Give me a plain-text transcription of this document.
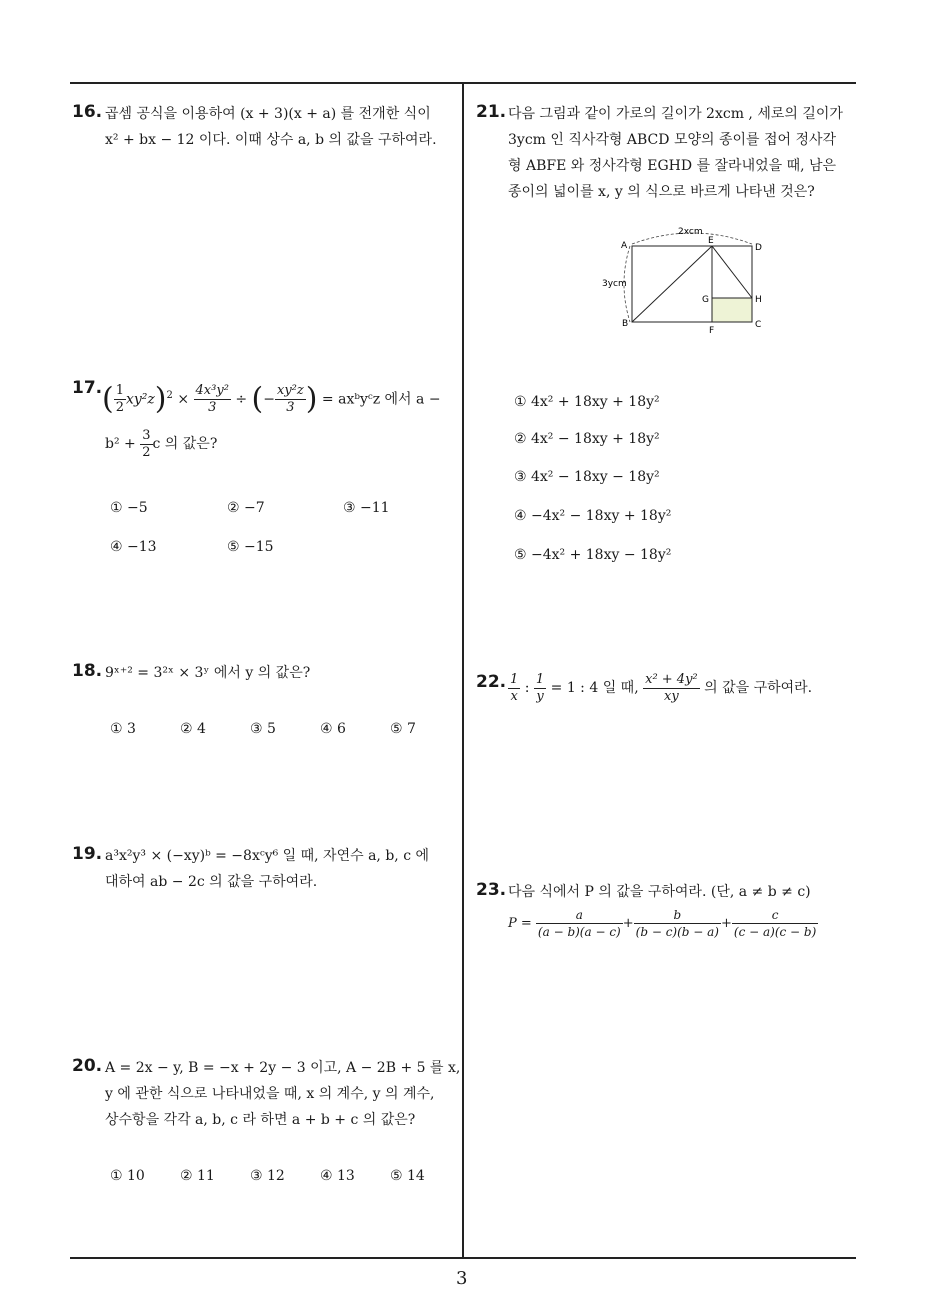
16. 곱셈 공식을 이용하여 (x + 3)(x + a) 를 전개한 식이
x² + bx − 12 이다. 이때 상수 a, b 의 값을 구하여라.
17. ( $\frac{1}{2} xy^2z)^2 \times \frac{\text{4x³y²}}{3}$ ÷ (− $\frac{\text{xy²z}}{3}$ ) = axᵇyᶜz 에서 a −
$b^2 + \frac{3}{2}$ c 의 값은?
① −5	② −7	③ −11
④ −13	⑤ −15
18. 9ˣ⁺² = 3²ˣ × 3ʸ 에서 y 의 값은?
① 3	② 4	③ 5	④ 6	⑤ 7
19. a³x²y³ × (−xy)ᵇ = −8xᶜy⁶ 일 때, 자연수 a, b, c 에
대하여 ab − 2c 의 값을 구하여라.
20. A = 2x − y, B = −x + 2y − 3 이고, A − 2B + 5 를 x,
y 에 관한 식으로 나타내었을 때, x 의 계수, y 의 계수,
상수항을 각각 a, b, c 라 하면 a + b + c 의 값은?
① 10	② 11	③ 12	④ 13	⑤ 14
21. 다음 그림과 같이 가로의 길이가 2xcm , 세로의 길이가
3ycm 인 직사각형 ABCD 모양의 종이를 접어 정사각
형 ABFE 와 정사각형 EGHD 를 잘라내었을 때, 남은
종이의 넓이를 x, y 의 식으로 바르게 나타낸 것은?
2xcm
3ycm
A	E
D
G	H
B
F
C
① 4x² + 18xy + 18y²
② 4x² − 18xy + 18y²
③ 4x² − 18xy − 18y²
④ −4x² − 18xy + 18y²
⑤ −4x² + 18xy − 18y²
22. $\frac{1}{x}$ : $\frac{1}{y} = 1$ : 4 일 때, $\frac{\text{x² + 4y²}}{xy}$ 의 값을 구하여라.
23. 다음 식에서 P 의 값을 구하여라. (단, a ≠ b ≠ c)
$P = \frac{a}{(a - b)(a - c)} + \frac{b}{(b - c)(b - a)} + \frac{c}{(c - a)(c - b)}$
3
